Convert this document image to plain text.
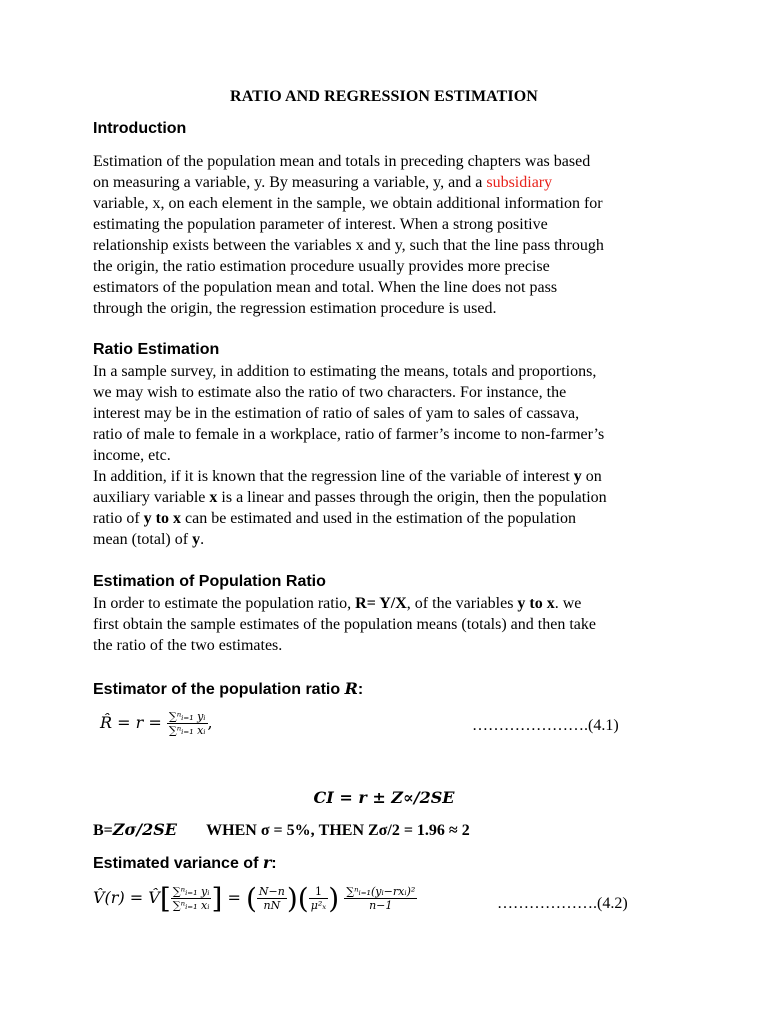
RATIO AND REGRESSION ESTIMATION
Introduction
Estimation of the population mean and totals in preceding chapters was based
on measuring a variable, y. By measuring a variable, y, and a subsidiary
variable, x, on each element in the sample, we obtain additional information for
estimating the population parameter of interest. When a strong positive
relationship exists between the variables x and y, such that the line pass through
the origin, the ratio estimation procedure usually provides more precise
estimators of the population mean and total. When the line does not pass
through the origin, the regression estimation procedure is used.
Ratio Estimation
In a sample survey, in addition to estimating the means, totals and proportions,
we may wish to estimate also the ratio of two characters. For instance, the
interest may be in the estimation of ratio of sales of yam to sales of cassava,
ratio of male to female in a workplace, ratio of farmer’s income to non-farmer’s
income, etc.
In addition, if it is known that the regression line of the variable of interest y on
auxiliary variable x is a linear and passes through the origin, then the population
ratio of y to x can be estimated and used in the estimation of the population
mean (total) of y.
Estimation of Population Ratio
In order to estimate the population ratio, R= Y/X, of the variables y to x. we
first obtain the sample estimates of the population means (totals) and then take
the ratio of the two estimates.
Estimator of the population ratio R:
R̂ = $r = \frac{\text{∑ⁿᵢ₌₁ yᵢ}}{\text{∑ⁿᵢ₌₁ xᵢ}}$ ,	………………….(4.1)
CI = r ± Z∝/2SE
B=Zσ/2SE WHEN σ = 5%, THEN Zσ/2 = 1.96 ≈ 2
Estimated variance of r:
V̂(r) = V̂[ $\frac{\text{∑ⁿᵢ₌₁ yᵢ}}{\text{∑ⁿᵢ₌₁ xᵢ}}$ ] = ( $\frac{N-n}{nN}$ )( $\frac{1}{\text{μ²ₓ}}$ ) $\frac{\text{∑ⁿᵢ₌₁(yᵢ−rxᵢ)²}}{n-1}$	……………….(4.2)
